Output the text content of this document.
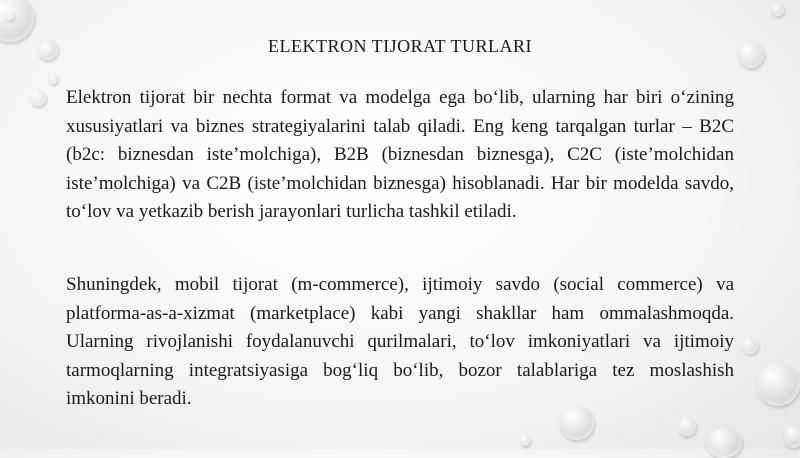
ELEKTRON TIJORAT TURLARI

Elektron tijorat bir nechta format va modelga ega bo‘lib, ularning har biri o‘zining xususiyatlari va biznes strategiyalarini talab qiladi. Eng keng tarqalgan turlar – B2C (b2c: biznesdan iste’molchiga), B2B (biznesdan biznesga), C2C (iste’molchidan iste’molchiga) va C2B (iste’molchidan biznesga) hisoblanadi. Har bir modelda savdo, to‘lov va yetkazib berish jarayonlari turlicha tashkil etiladi.

Shuningdek, mobil tijorat (m-commerce), ijtimoiy savdo (social commerce) va platforma-as-a-xizmat (marketplace) kabi yangi shakllar ham ommalashmoqda. Ularning rivojlanishi foydalanuvchi qurilmalari, to‘lov imkoniyatlari va ijtimoiy tarmoqlarning integratsiyasiga bog‘liq bo‘lib, bozor talablariga tez moslashish imkonini beradi.
